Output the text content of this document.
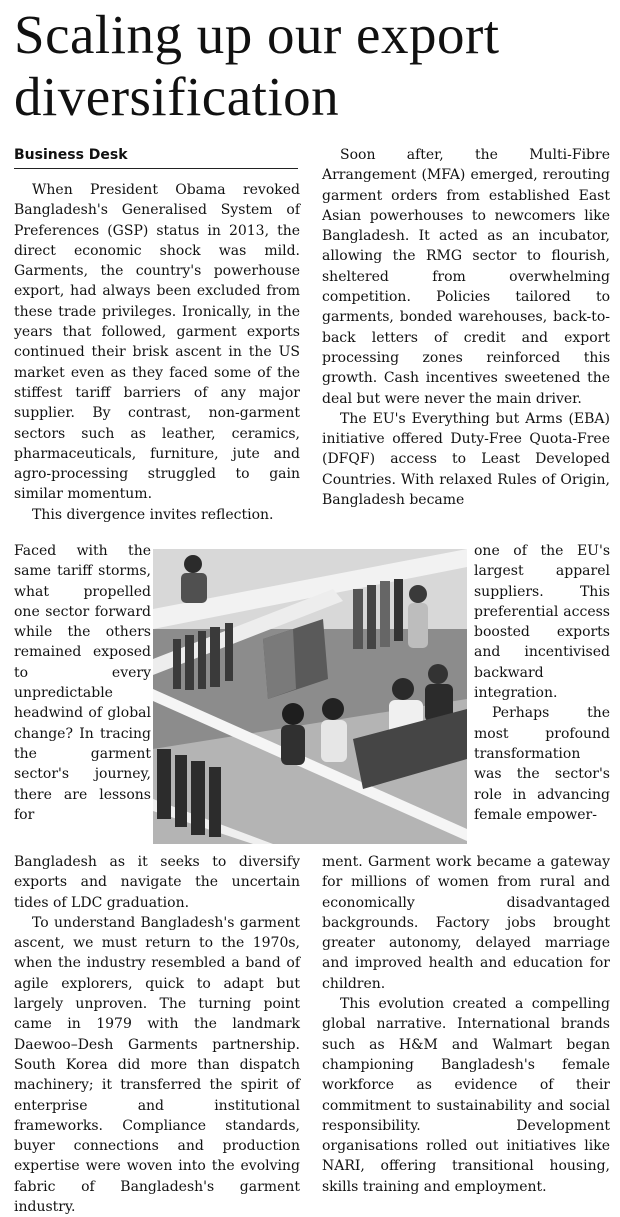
Scaling up our export diversification
Business Desk

When President Obama revoked Bangladesh's Generalised System of Preferences (GSP) status in 2013, the direct economic shock was mild. Garments, the country's powerhouse export, had always been excluded from these trade privileges. Ironically, in the years that followed, garment exports continued their brisk ascent in the US market even as they faced some of the stiffest tariff barriers of any major supplier. By contrast, non-garment sectors such as leather, ceramics, pharmaceuticals, furniture, jute and agro-processing struggled to gain similar momentum.

This divergence invites reflection.

Faced with the same tariff storms, what propelled one sector forward while the others remained exposed to every unpredictable headwind of global change? In tracing the garment sector's journey, there are lessons for

Bangladesh as it seeks to diversify exports and navigate the uncertain tides of LDC graduation.

To understand Bangladesh's garment ascent, we must return to the 1970s, when the industry resembled a band of agile explorers, quick to adapt but largely unproven. The turning point came in 1979 with the landmark Daewoo–Desh Garments partnership. South Korea did more than dispatch machinery; it transferred the spirit of enterprise and institutional frameworks. Compliance standards, buyer connections and production expertise were woven into the evolving fabric of Bangladesh's garment industry.

Soon after, the Multi-Fibre Arrangement (MFA) emerged, rerouting garment orders from established East Asian powerhouses to newcomers like Bangladesh. It acted as an incubator, allowing the RMG sector to flourish, sheltered from overwhelming competition. Policies tailored to garments, bonded warehouses, back-to-back letters of credit and export processing zones reinforced this growth. Cash incentives sweetened the deal but were never the main driver.

The EU's Everything but Arms (EBA) initiative offered Duty-Free Quota-Free (DFQF) access to Least Developed Countries. With relaxed Rules of Origin, Bangladesh became

one of the EU's largest apparel suppliers. This preferential access boosted exports and incentivised backward integration.

Perhaps the most profound transformation was the sector's role in advancing female empower-

ment. Garment work became a gateway for millions of women from rural and economically disadvantaged backgrounds. Factory jobs brought greater autonomy, delayed marriage and improved health and education for children.

This evolution created a compelling global narrative. International brands such as H&M and Walmart began championing Bangladesh's female workforce as evidence of their commitment to sustainability and social responsibility. Development organisations rolled out initiatives like NARI, offering transitional housing, skills training and employment.
